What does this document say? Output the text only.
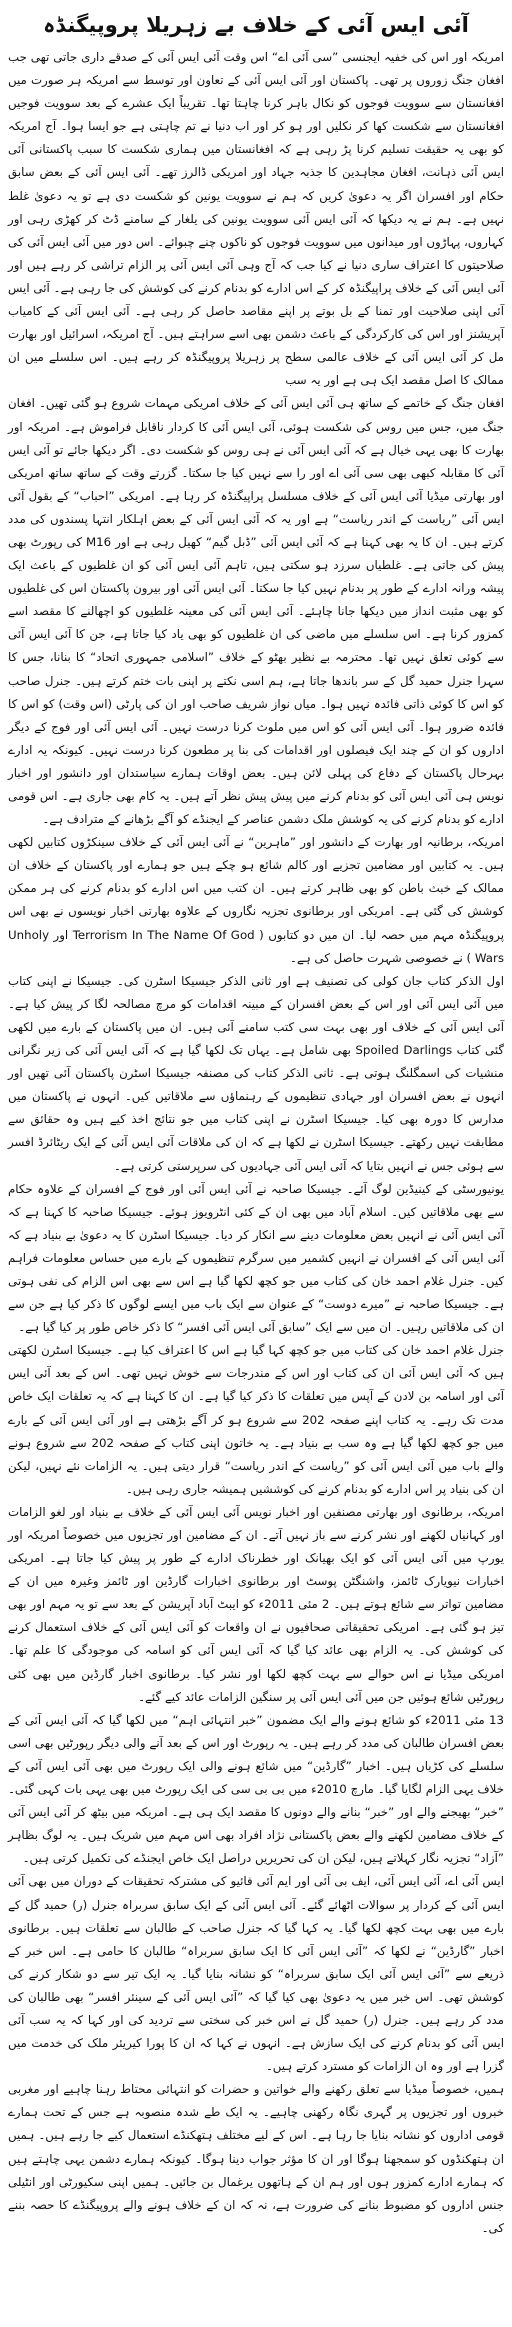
آئی ایس آئی کے خلاف بے زہریلا پروپیگنڈہ

امریکہ اور اس کی خفیہ ایجنسی ”سی آئی اے“ اس وقت آئی ایس آئی کے صدقے داری جاتی تھی جب افغان جنگ زوروں پر تھی۔ پاکستان اور آئی ایس آئی کے تعاون اور توسط سے امریکہ ہر صورت میں افغانستان سے سوویت فوجوں کو نکال باہر کرنا چاہتا تھا۔ تقریباً ایک عشرے کے بعد سوویت فوجیں افغانستان سے شکست کھا کر نکلیں اور ہو کر اور اب دنیا نے تم چاہتی ہے جو ایسا ہوا۔ آج امریکہ کو بھی یہ حقیقت تسلیم کرنا پڑ رہی ہے کہ افغانستان میں ہماری شکست کا سبب پاکستانی آئی ایس آئی ذہانت، افغان مجاہدین کا جذبہ جہاد اور امریکی ڈالرز تھے۔ آئی ایس آئی کے بعض سابق حکام اور افسران اگر یہ دعویٰ کریں کہ ہم نے سوویت یونین کو شکست دی ہے تو یہ دعویٰ غلط نہیں ہے۔ ہم نے یہ دیکھا کہ آئی ایس آئی سوویت یونین کی یلغار کے سامنے ڈٹ کر کھڑی رہی اور کہاروں، پہاڑوں اور میدانوں میں سوویت فوجوں کو ناکوں چنے چبوائے۔ اس دور میں آئی ایس آئی کی صلاحیتوں کا اعتراف ساری دنیا نے کیا جب کہ آج وہی آئی ایس آئی پر الزام تراشی کر رہے ہیں اور آئی ایس آئی کے خلاف پراپیگنڈہ کر کے اس ادارے کو بدنام کرنے کی کوشش کی جا رہی ہے۔ آئی ایس آئی اپنی صلاحیت اور تمنا کے بل بوتے پر اپنے مقاصد حاصل کر رہی ہے۔ آئی ایس آئی کے کامیاب آپریشنز اور اس کی کارکردگی کے باعث دشمن بھی اسے سراہتے ہیں۔ آج امریکہ، اسرائیل اور بھارت مل کر آئی ایس آئی کے خلاف عالمی سطح پر زہریلا پروپیگنڈہ کر رہے ہیں۔ اس سلسلے میں ان ممالک کا اصل مقصد ایک ہی ہے اور یہ سب

افغان جنگ کے خاتمے کے ساتھ ہی آئی ایس آئی کے خلاف امریکی مہمات شروع ہو گئی تھیں۔ افغان جنگ میں، جس میں روس کی شکست ہوئی، آئی ایس آئی کا کردار ناقابل فراموش ہے۔ امریکہ اور بھارت کا بھی یہی خیال ہے کہ آئی ایس آئی نے ہی روس کو شکست دی۔ اگر دیکھا جائے تو آئی ایس آئی کا مقابلہ کبھی بھی سی آئی اے اور را سے نہیں کیا جا سکتا۔ گزرتے وقت کے ساتھ ساتھ امریکی اور بھارتی میڈیا آئی ایس آئی کے خلاف مسلسل پراپیگنڈہ کر رہا ہے۔ امریکی ”احباب“ کے بقول آئی ایس آئی ”ریاست کے اندر ریاست“ ہے اور یہ کہ آئی ایس آئی کے بعض اہلکار انتہا پسندوں کی مدد کرتے ہیں۔ ان کا یہ بھی کہنا ہے کہ آئی ایس آئی ”ڈبل گیم“ کھیل رہی ہے اور M16 کی رپورٹ بھی پیش کی جاتی ہے۔ غلطیاں سرزد ہو سکتی ہیں، تاہم آئی ایس آئی کو ان غلطیوں کے باعث ایک پیشہ ورانہ ادارے کے طور پر بدنام نہیں کیا جا سکتا۔ آئی ایس آئی اور بیرون پاکستان اس کی غلطیوں کو بھی مثبت انداز میں دیکھا جانا چاہئے۔ آئی ایس آئی کی معینہ غلطیوں کو اچھالنے کا مقصد اسے کمزور کرنا ہے۔ اس سلسلے میں ماضی کی ان غلطیوں کو بھی یاد کیا جاتا ہے، جن کا آئی ایس آئی سے کوئی تعلق نہیں تھا۔ محترمہ بے نظیر بھٹو کے خلاف ”اسلامی جمہوری اتحاد“ کا بنانا، جس کا سہرا جنرل حمید گل کے سر باندھا جاتا ہے، ہم اسی نکتے پر اپنی بات ختم کرتے ہیں۔ جنرل صاحب کو اس کا کوئی ذاتی فائدہ نہیں ہوا۔ میاں نواز شریف صاحب اور ان کی پارٹی (اس وقت) کو اس کا فائدہ ضرور ہوا۔ آئی ایس آئی کو اس میں ملوث کرنا درست نہیں۔ آئی ایس آئی اور فوج کے دیگر اداروں کو ان کے چند ایک فیصلوں اور اقدامات کی بنا پر مطعون کرنا درست نہیں۔ کیونکہ یہ ادارے بہرحال پاکستان کے دفاع کی پہلی لائن ہیں۔ بعض اوقات ہمارے سیاستدان اور دانشور اور اخبار نویس ہی آئی ایس آئی کو بدنام کرنے میں پیش پیش نظر آتے ہیں۔ یہ کام بھی جاری ہے۔ اس قومی ادارے کو بدنام کرنے کی یہ کوشش ملک دشمن عناصر کے ایجنڈے کو آگے بڑھانے کے مترادف ہے۔

امریکہ، برطانیہ اور بھارت کے دانشور اور ”ماہرین“ نے آئی ایس آئی کے خلاف سینکڑوں کتابیں لکھی ہیں۔ یہ کتابیں اور مضامین تجزیے اور کالم شائع ہو چکے ہیں جو ہمارے اور پاکستان کے خلاف ان ممالک کے خبث باطن کو بھی ظاہر کرتے ہیں۔ ان کتب میں اس ادارے کو بدنام کرنے کی ہر ممکن کوشش کی گئی ہے۔ امریکی اور برطانوی تجزیہ نگاروں کے علاوہ بھارتی اخبار نویسوں نے بھی اس پروپیگنڈہ مہم میں حصہ لیا۔ ان میں دو کتابوں ( Terrorism In The Name Of God اور Unholy Wars ) نے خصوصی شہرت حاصل کی ہے۔

اول الذکر کتاب جان کولی کی تصنیف ہے اور ثانی الذکر جیسیکا اسٹرن کی۔ جیسیکا نے اپنی کتاب میں آئی ایس آئی اور اس کے بعض افسران کے مبینہ اقدامات کو مرچ مصالحہ لگا کر پیش کیا ہے۔ آئی ایس آئی کے خلاف اور بھی بہت سی کتب سامنے آئی ہیں۔ ان میں پاکستان کے بارے میں لکھی گئی کتاب Spoiled Darlings بھی شامل ہے۔ یہاں تک لکھا گیا ہے کہ آئی ایس آئی کی زیر نگرانی منشیات کی اسمگلنگ ہوتی ہے۔ ثانی الذکر کتاب کی مصنفہ جیسیکا اسٹرن پاکستان آئی تھیں اور انہوں نے بعض افسران اور جہادی تنظیموں کے رہنماؤں سے ملاقاتیں کیں۔ انہوں نے پاکستان میں مدارس کا دورہ بھی کیا۔ جیسیکا اسٹرن نے اپنی کتاب میں جو نتائج اخذ کیے ہیں وہ حقائق سے مطابقت نہیں رکھتے۔ جیسیکا اسٹرن نے لکھا ہے کہ ان کی ملاقات آئی ایس آئی کے ایک ریٹائرڈ افسر سے ہوئی جس نے انہیں بتایا کہ آئی ایس آئی جہادیوں کی سرپرستی کرتی ہے۔

یونیورسٹی کے کینیڈین لوگ آئے۔ جیسیکا صاحبہ نے آئی ایس آئی اور فوج کے افسران کے علاوہ حکام سے بھی ملاقاتیں کیں۔ اسلام آباد میں بھی ان کے کئی انٹرویوز ہوئے۔ جیسیکا صاحبہ کا کہنا ہے کہ آئی ایس آئی نے انہیں بعض معلومات دینے سے انکار کر دیا۔ جیسیکا اسٹرن کا یہ دعویٰ بے بنیاد ہے کہ آئی ایس آئی کے افسران نے انہیں کشمیر میں سرگرم تنظیموں کے بارے میں حساس معلومات فراہم کیں۔ جنرل غلام احمد خان کی کتاب میں جو کچھ لکھا گیا ہے اس سے بھی اس الزام کی نفی ہوتی ہے۔ جیسیکا صاحبہ نے ”میرے دوست“ کے عنوان سے ایک باب میں ایسے لوگوں کا ذکر کیا ہے جن سے ان کی ملاقاتیں رہیں۔ ان میں سے ایک ”سابق آئی ایس آئی افسر“ کا ذکر خاص طور پر کیا گیا ہے۔

جنرل غلام احمد خان کی کتاب میں جو کچھ کہا گیا ہے اس کا اعتراف کیا ہے۔ جیسیکا اسٹرن لکھتی ہیں کہ آئی ایس آئی ان کی کتاب اور اس کے مندرجات سے خوش نہیں تھی۔ اس کے بعد آئی ایس آئی اور اسامہ بن لادن کے آپس میں تعلقات کا ذکر کیا گیا ہے۔ ان کا کہنا ہے کہ یہ تعلقات ایک خاص مدت تک رہے۔ یہ کتاب اپنے صفحہ 202 سے شروع ہو کر آگے بڑھتی ہے اور آئی ایس آئی کے بارے میں جو کچھ لکھا گیا ہے وہ سب بے بنیاد ہے۔ یہ خاتون اپنی کتاب کے صفحہ 202 سے شروع ہونے والے باب میں آئی ایس آئی کو ”ریاست کے اندر ریاست“ قرار دیتی ہیں۔ یہ الزامات نئے نہیں، لیکن ان کی بنیاد پر اس ادارے کو بدنام کرنے کی کوششیں ہمیشہ جاری رہی ہیں۔

امریکہ، برطانوی اور بھارتی مصنفین اور اخبار نویس آئی ایس آئی کے خلاف بے بنیاد اور لغو الزامات اور کہانیاں لکھنے اور نشر کرنے سے باز نہیں آتے۔ ان کے مضامین اور تجزیوں میں خصوصاً امریکہ اور یورپ میں آئی ایس آئی کو ایک بھیانک اور خطرناک ادارے کے طور پر پیش کیا جاتا ہے۔ امریکی اخبارات نیویارک ٹائمز، واشنگٹن پوسٹ اور برطانوی اخبارات گارڈین اور ٹائمز وغیرہ میں ان کے مضامین تواتر سے شائع ہوتے ہیں۔ 2 مئی 2011ء کو ایبٹ آباد آپریشن کے بعد سے تو یہ مہم اور بھی تیز ہو گئی ہے۔ امریکی تحقیقاتی صحافیوں نے ان واقعات کو آئی ایس آئی کے خلاف استعمال کرنے کی کوشش کی۔ یہ الزام بھی عائد کیا گیا کہ آئی ایس آئی کو اسامہ کی موجودگی کا علم تھا۔ امریکی میڈیا نے اس حوالے سے بہت کچھ لکھا اور نشر کیا۔ برطانوی اخبار گارڈین میں بھی کئی رپورٹیں شائع ہوئیں جن میں آئی ایس آئی پر سنگین الزامات عائد کیے گئے۔

13 مئی 2011ء کو شائع ہونے والے ایک مضمون ”خبر انتہائی اہم“ میں لکھا گیا کہ آئی ایس آئی کے بعض افسران طالبان کی مدد کر رہے ہیں۔ یہ رپورٹ اور اس کے بعد آنے والی دیگر رپورٹیں بھی اسی سلسلے کی کڑیاں ہیں۔ اخبار ”گارڈین“ میں شائع ہونے والی ایک رپورٹ میں بھی آئی ایس آئی کے خلاف یہی الزام لگایا گیا۔ مارچ 2010ء میں بی بی سی کی ایک رپورٹ میں بھی یہی بات کہی گئی۔ ”خبر“ بھیجنے والے اور ”خبر“ بنانے والے دونوں کا مقصد ایک ہی ہے۔ امریکہ میں بیٹھ کر آئی ایس آئی کے خلاف مضامین لکھنے والے بعض پاکستانی نژاد افراد بھی اس مہم میں شریک ہیں۔ یہ لوگ بظاہر ”آزاد“ تجزیہ نگار کہلاتے ہیں، لیکن ان کی تحریریں دراصل ایک خاص ایجنڈے کی تکمیل کرتی ہیں۔

ایس آئی اے، آئی ایس آئی، ایف بی آئی اور ایم آئی فائیو کی مشترکہ تحقیقات کے دوران میں بھی آئی ایس آئی کے کردار پر سوالات اٹھائے گئے۔ آئی ایس آئی کے ایک سابق سربراہ جنرل (ر) حمید گل کے بارے میں بھی بہت کچھ لکھا گیا۔ یہ کہا گیا کہ جنرل صاحب کے طالبان سے تعلقات ہیں۔ برطانوی اخبار ”گارڈین“ نے لکھا کہ ”آئی ایس آئی کا ایک سابق سربراہ“ طالبان کا حامی ہے۔ اس خبر کے ذریعے سے ”آئی ایس آئی ایک سابق سربراہ“ کو نشانہ بنایا گیا۔ یہ ایک تیر سے دو شکار کرنے کی کوشش تھی۔ اس خبر میں یہ دعویٰ بھی کیا گیا کہ ”آئی ایس آئی کے سینئر افسر“ بھی طالبان کی مدد کر رہے ہیں۔ جنرل (ر) حمید گل نے اس خبر کی سختی سے تردید کی اور کہا کہ یہ سب آئی ایس آئی کو بدنام کرنے کی ایک سازش ہے۔ انہوں نے کہا کہ ان کا پورا کیریئر ملک کی خدمت میں گزرا ہے اور وہ ان الزامات کو مسترد کرتے ہیں۔

ہمیں، خصوصاً میڈیا سے تعلق رکھنے والے خواتین و حضرات کو انتہائی محتاط رہنا چاہیے اور مغربی خبروں اور تجزیوں پر گہری نگاہ رکھنی چاہیے۔ یہ ایک طے شدہ منصوبہ ہے جس کے تحت ہمارے قومی اداروں کو نشانہ بنایا جا رہا ہے۔ اس کے لیے مختلف ہتھکنڈے استعمال کیے جا رہے ہیں۔ ہمیں ان ہتھکنڈوں کو سمجھنا ہوگا اور ان کا مؤثر جواب دینا ہوگا۔ کیونکہ ہمارے دشمن یہی چاہتے ہیں کہ ہمارے ادارے کمزور ہوں اور ہم ان کے ہاتھوں یرغمال بن جائیں۔ ہمیں اپنی سکیورٹی اور انٹیلی جنس اداروں کو مضبوط بنانے کی ضرورت ہے، نہ کہ ان کے خلاف ہونے والے پروپیگنڈے کا حصہ بننے کی۔
